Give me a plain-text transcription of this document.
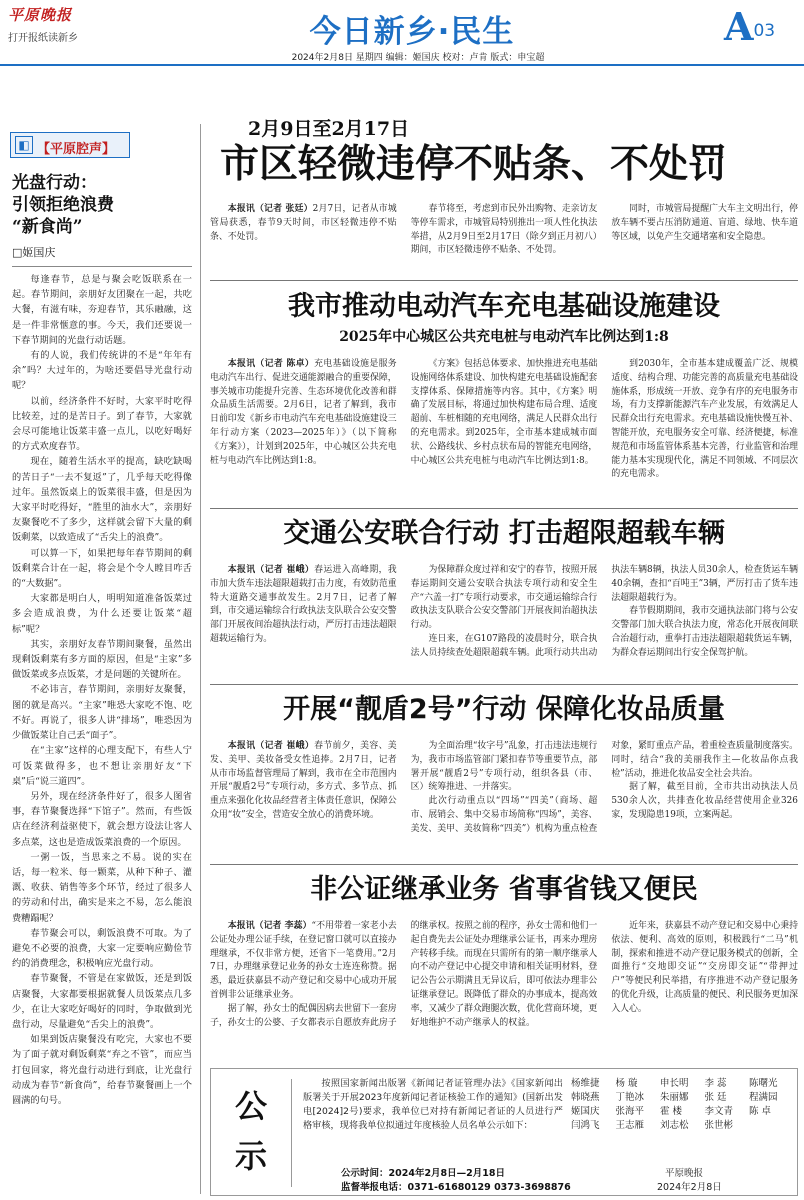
平原晚报
打开报纸读新乡	今日新乡·民生	A03
2024年2月8日 星期四 编辑：姬国庆 校对：卢肯 版式：申宝超
◧ 【平原腔声】
光盘行动：
引领拒绝浪费
“新食尚”
□姬国庆

每逢春节，总是与聚会吃饭联系在一起。春节期间，亲朋好友团聚在一起，共吃大餐，有滋有味，夯迎春节，其乐融融，这是一件非常惬意的事。今天，我们还要说一下春节期间的光盘行动话题。

有的人说，我们传统讲的不是“年年有余”吗？大过年的，为啥还要倡导光盘行动呢？

以前，经济条件不好时，大家平时吃得比较差，过的是苦日子。到了春节，大家就会尽可能地让饭菜丰盛一点儿，以吃好喝好的方式欢度春节。

现在，随着生活水平的提高，缺吃缺喝的苦日子“一去不复返”了，几乎每天吃得像过年。虽然饭桌上的饭菜很丰盛，但是因为大家平时吃得好，“胜里的油水大”，亲朋好友聚餐吃不了多少，这样就会留下大量的剩饭剩菜，以致造成了“舌尖上的浪费”。

可以算一下，如果把每年春节期间的剩饭剩菜合计在一起，将会是个令人瞠目咋舌的“大数据”。

大家都是明白人，明明知道准备饭菜过多会造成浪费，为什么还要让饭菜“超标”呢？

其实，亲朋好友春节期间聚餐，虽然出现剩饭剩菜有多方面的原因，但是“主家”多做饭菜或多点饭菜，才是问题的关键所在。

不必讳言，春节期间，亲朋好友聚餐，图的就是高兴。“主家”唯恐大家吃不饱、吃不好。再说了，很多人讲“排场”，唯恐因为少做饭菜让自己丢“面子”。

在“主家”这样的心理支配下，有些人宁可饭菜做得多，也不想让亲朋好友“下桌”后“说三道四”。

另外，现在经济条件好了，很多人图省事，春节聚餐选择“下馆子”。然而，有些饭店在经济利益驱使下，就会想方设法让客人多点菜，这也是造成饭菜浪费的一个原因。

一粥一饭，当思来之不易。说的实在话，每一粒米、每一颗菜，从种下种子、灌溉、收获、销售等多个环节，经过了很多人的劳动和付出，确实是来之不易，怎么能浪费糟蹋呢？

春节聚会可以，剩饭浪费不可取。为了避免不必要的浪费，大家一定要响应勤俭节约的消费理念，积极响应光盘行动。

春节聚餐，不管是在家做饭，还是到饭店聚餐，大家都要根据就餐人员饭菜点几多少，在让大家吃好喝好的同时，争取做到光盘行动，尽量避免“舌尖上的浪费”。

如果到饭店聚餐没有吃完，大家也不要为了面子就对剩饭剩菜“弃之不管”，而应当打包回家，将光盘行动进行到底，让光盘行动成为春节“新食尚”，给春节聚餐画上一个圆满的句号。

2月9日至2月17日
市区轻微违停不贴条、不处罚

本报讯（记者 张廷）2月7日，记者从市城管局获悉，春节9天时间，市区轻微违停不贴条、不处罚。

春节将至，考虑到市民外出购物、走亲访友等停车需求，市城管局特别推出一项人性化执法举措，从2月9日至2月17日（除夕到正月初八）期间，市区轻微违停不贴条、不处罚。

同时，市城管局提醒广大车主文明出行，停放车辆不要占压消防通道、盲道、绿地、快车道等区域，以免产生交通堵塞和安全隐患。

我市推动电动汽车充电基础设施建设
2025年中心城区公共充电桩与电动汽车比例达到1:8

本报讯（记者 陈卓）充电基础设施是服务电动汽车出行、促进交通能源融合的重要保障，事关城市功能提升完善、生态环境优化改善和群众品质生活需要。2月6日，记者了解到，我市日前印发《新乡市电动汽车充电基础设施建设三年行动方案（2023—2025年）》（以下简称《方案》），计划到2025年，中心城区公共充电桩与电动汽车比例达到1:8。

《方案》包括总体要求、加快推进充电基础设施网络体系建设、加快构建充电基础设施配套支撑体系、保障措施等内容。其中，《方案》明确了发展目标，将通过加快构建布局合理、适度超前、车桩相随的充电网络，满足人民群众出行的充电需求。到2025年，全市基本建成城市面状、公路线状、乡村点状布局的智能充电网络，中心城区公共充电桩与电动汽车比例达到1:8。

到2030年，全市基本建成覆盖广泛、规模适度、结构合理、功能完善的高质量充电基础设施体系，形成统一开放、竞争有序的充电服务市场，有力支撑新能源汽车产业发展，有效满足人民群众出行充电需求。充电基础设施快慢互补、智能开放，充电服务安全可靠、经济便捷，标准规范和市场监管体系基本完善，行业监管和治理能力基本实现现代化，满足不同领域、不同层次的充电需求。

交通公安联合行动 打击超限超载车辆

本报讯（记者 崔峨）春运进入高峰期，我市加大货车违法超限超载打击力度，有效防范重特大道路交通事故发生。2月7日，记者了解到，市交通运输综合行政执法支队联合公安交警部门开展夜间治超执法行动，严厉打击违法超限超载运输行为。

为保障群众度过祥和安宁的春节，按照开展春运期间交通公安联合执法专项行动和安全生产“六盖一打”专项行动要求，市交通运输综合行政执法支队联合公安交警部门开展夜间治超执法行动。

连日来，在G107路段的凌晨时分，联合执法人员持续查处超限超载车辆。此项行动共出动执法车辆8辆，执法人员30余人，检查货运车辆40余辆，查扣“百吨王”3辆，严厉打击了货车违法超限超载行为。

春节假期期间，我市交通执法部门将与公安交警部门加大联合执法力度，常态化开展夜间联合治超行动，重拳打击违法超限超载货运车辆，为群众春运期间出行安全保驾护航。

开展“靓盾2号”行动 保障化妆品质量

本报讯（记者 崔峨）春节前夕，美容、美发、美甲、美妆备受女性追捧。2月7日，记者从市市场监督管理局了解到，我市在全市范围内开展“靓盾2号”专项行动，多方式、多节点、抓重点来强化化妆品经营者主体责任意识，保障公众用“妆”安全，营造安全放心的消费环境。

为全面治理“妆字号”乱象，打击违法违规行为，我市市场监管部门紧扣春节等重要节点，部署开展“靓盾2号”专项行动，组织各县（市、区）统筹推进、一并落实。

此次行动重点以“四场”“四美”（商场、超市、展销会、集中交易市场简称“四场”，美容、美发、美甲、美妆简称“四美”）机构为重点检查对象，紧盯重点产品，着重检查质量制度落实。同时，结合“我的美丽我作主—化妆品你点我检”活动，推进化妆品安全社会共治。

据了解，截至目前，全市共出动执法人员530余人次，共排查化妆品经营使用企业326家，发现隐患19项，立案两起。

非公证继承业务 省事省钱又便民

本报讯（记者 李蕊）“不用带着一家老小去公证处办理公证手续，在登记窗口就可以直接办理继承，不仅非常方便，还省下一笔费用。”2月7日，办理继承登记业务的孙女士连连称赞。据悉，最近获嘉县不动产登记和交易中心成功开展首例非公证继承业务。

据了解，孙女士的配偶因病去世留下一套房子，孙女士的公婆、子女都表示自愿放弃此房子的继承权。按照之前的程序，孙女士需和他们一起自费先去公证处办理继承公证书，再来办理房产转移手续。而现在只需所有的第一顺序继承人向不动产登记中心提交申请和相关证明材料，登记公告公示期满且无异议后，即可依法办理非公证继承登记。既降低了群众的办事成本，提高效率，又减少了群众跑腿次数，优化营商环境，更好地维护不动产继承人的权益。

近年来，获嘉县不动产登记和交易中心秉持依法、便利、高效的原则，积极践行“二马”机制，探索和推进不动产登记服务模式的创新，全面推行“交地即交证”“交房即交证”“带押过户”等便民利民举措，有序推进不动产登记服务的优化升级，让高质量的便民、利民服务更加深入人心。

公
示
按照国家新闻出版署《新闻记者证管理办法》《国家新闻出版署关于开展2023年度新闻记者证核验工作的通知》(国新出发电[2024]2号)要求，我单位已对持有新闻记者证的人员进行严格审核，现将我单位拟通过年度核验人员名单公示如下：
公示时间：2024年2月8日—2月18日
监督举报电话：0371-61680129 0373-3698876
杨维捷	杨 璇	申长明	李 蕊	陈曙光
韩晓燕	丁艳冰	朱丽娜	张 廷	程满园
姬国庆	张海平	霍 楼	李文青	陈 卓
闫鸿飞	王志雁	刘志松	张世彬
平原晚报
2024年2月8日
